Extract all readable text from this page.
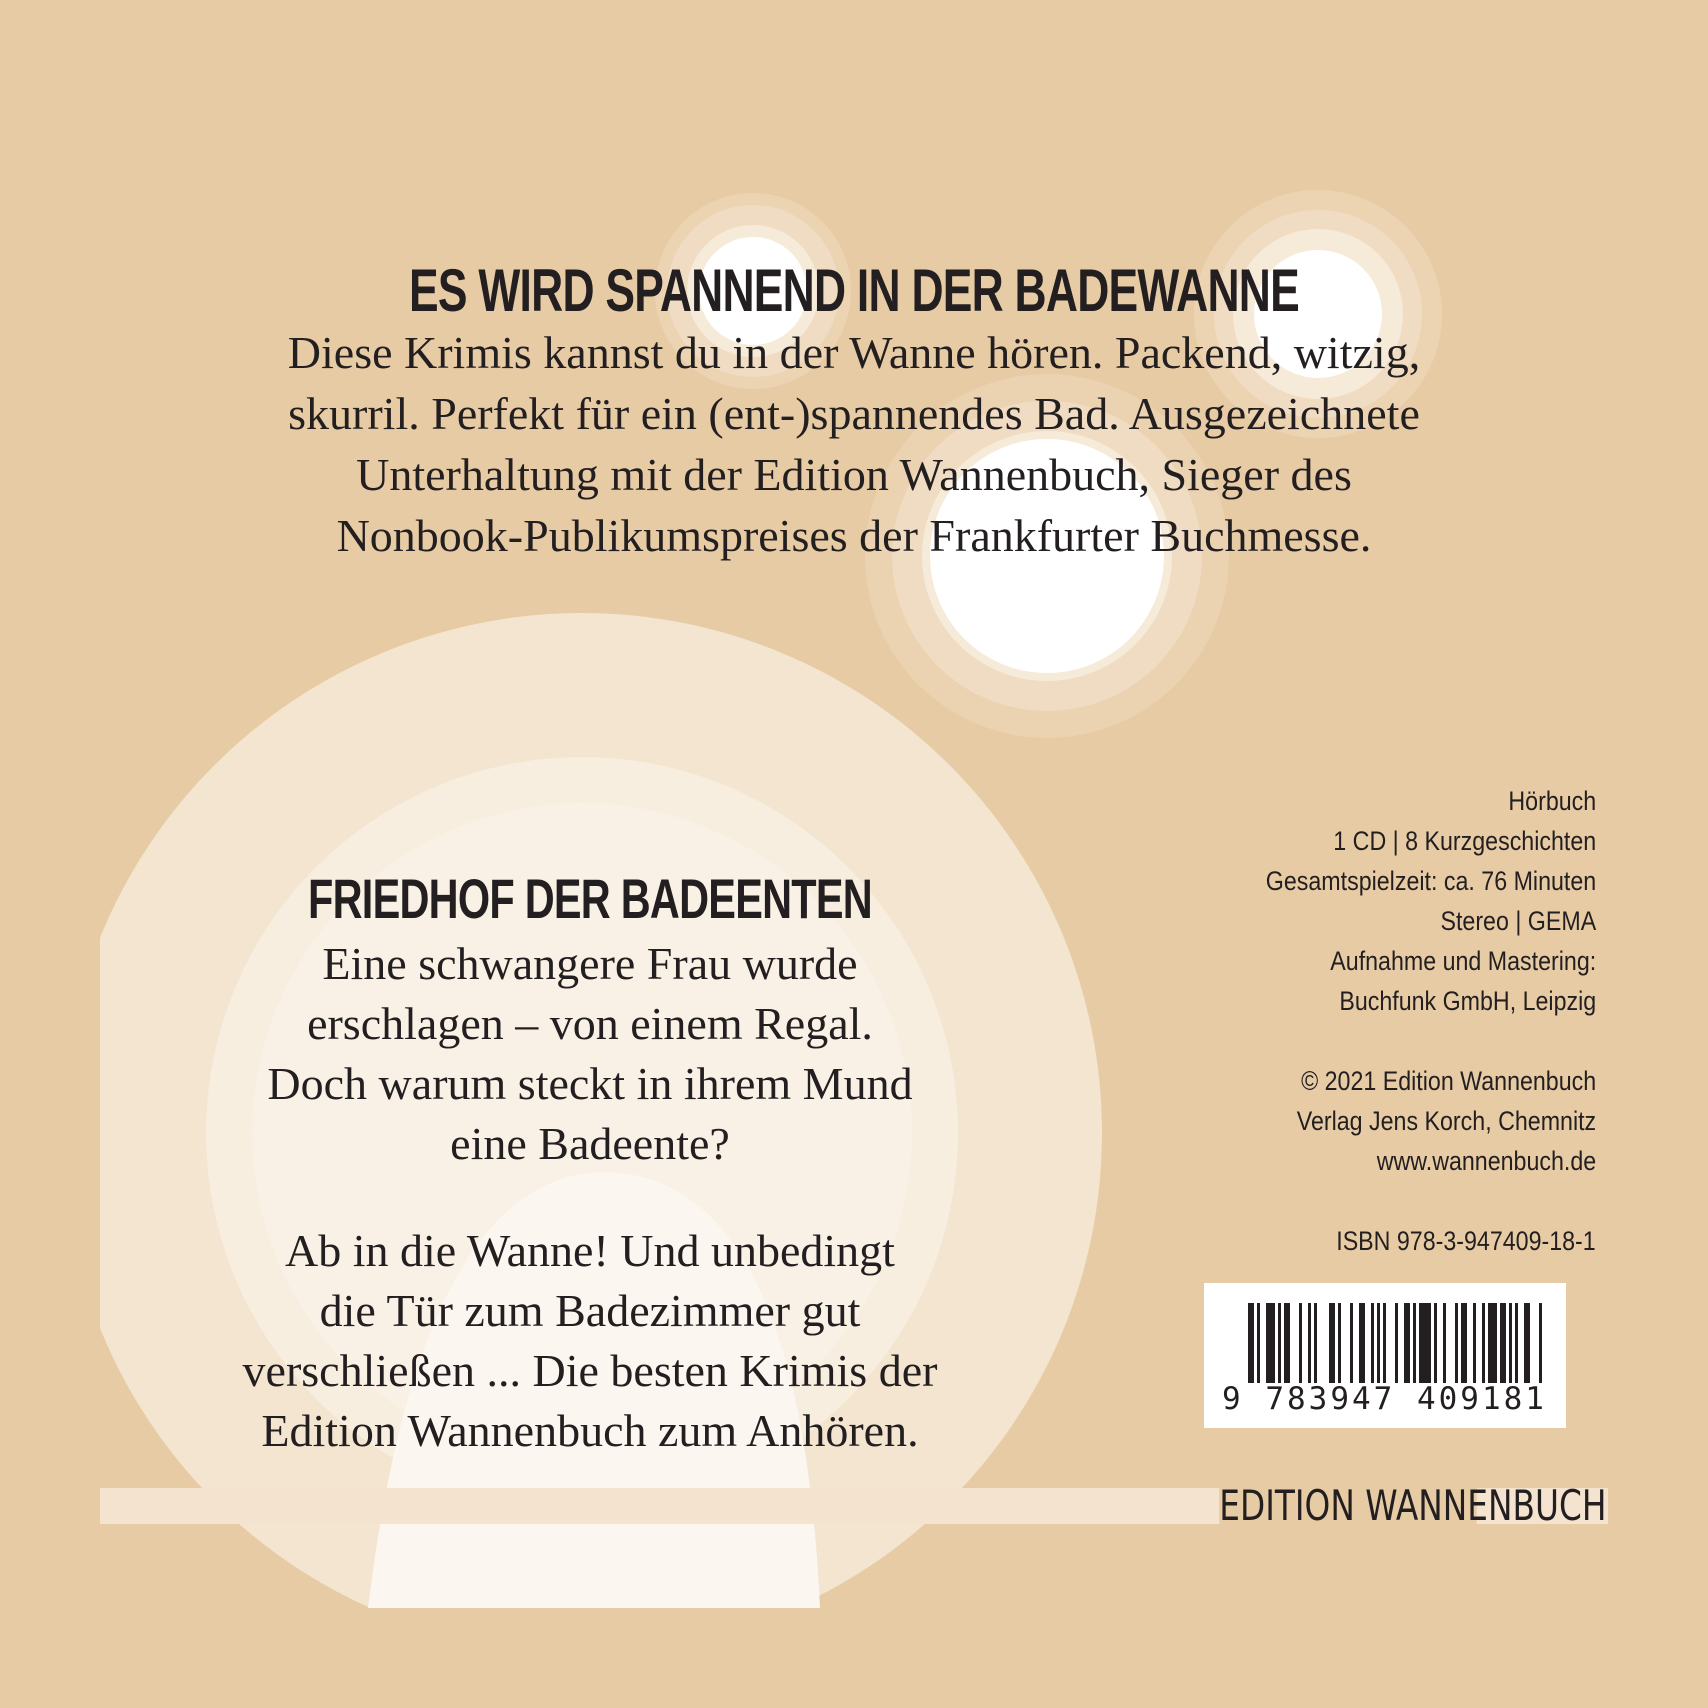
ES WIRD SPANNEND IN DER BADEWANNE

Diese Krimis kannst du in der Wanne hören. Packend, witzig,
skurril. Perfekt für ein (ent-)spannendes Bad. Ausgezeichnete
Unterhaltung mit der Edition Wannenbuch, Sieger des
Nonbook-Publikumspreises der Frankfurter Buchmesse.

FRIEDHOF DER BADEENTEN

Eine schwangere Frau wurde
erschlagen – von einem Regal.
Doch warum steckt in ihrem Mund
eine Badeente?

Ab in die Wanne! Und unbedingt
die Tür zum Badezimmer gut
verschließen ... Die besten Krimis der
Edition Wannenbuch zum Anhören.

Hörbuch
1 CD | 8 Kurzgeschichten
Gesamtspielzeit: ca. 76 Minuten
Stereo | GEMA
Aufnahme und Mastering:
Buchfunk GmbH, Leipzig

© 2021 Edition Wannenbuch
Verlag Jens Korch, Chemnitz
www.wannenbuch.de

ISBN 978-3-947409-18-1

9 783947 409181

EDITION WANNENBUCH
